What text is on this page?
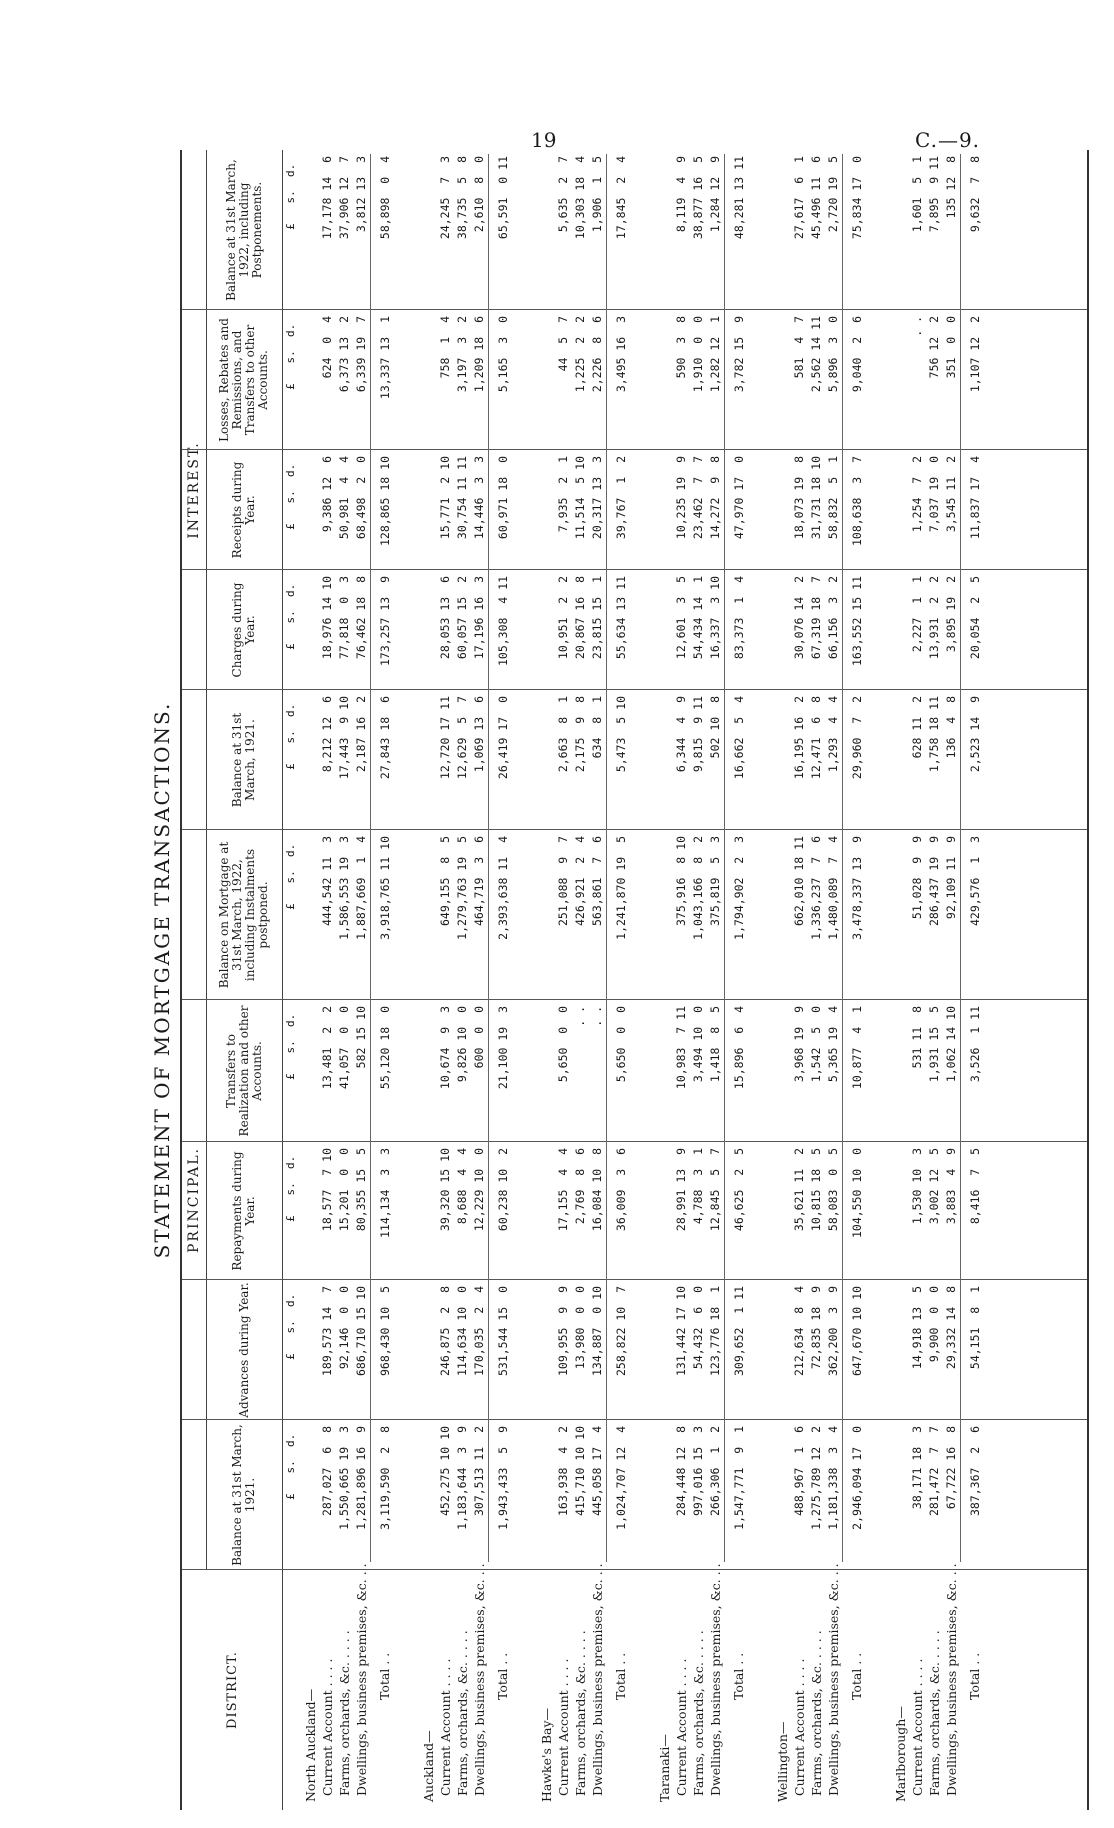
19	C.—9.
STATEMENT OF MORTGAGE TRANSACTIONS.
DISTRICT.
PRINCIPAL.
INTEREST.
Balance at 31st March, 1921.
Advances during Year.
Repayments during Year.
Transfers to Realization and other Accounts.
Balance on Mortgage at 31st March, 1922, including Instalments postponed.
Balance at 31st March, 1921.
Charges during Year.
Receipts during Year.
Losses, Rebates and Remissions, and Transfers to other Accounts.
Balance at 31st March, 1922, including Postponements.
£   s.  d.
£   s.  d.
£   s.  d.
£   s.  d.
£   s.  d.
£   s.  d.
£   s.  d.
£   s.  d.
£   s.  d.
£   s.  d.
North Auckland— Current Account . . . .
287,027  6  8
189,573 14  7
18,577  7 10
13,481  2  2
444,542 11  3
8,212 12  6
18,976 14 10
9,386 12  6
624  0  4
17,178 14  6
Farms, orchards, &c. . . . .
1,550,665 19  3
92,146  0  0
15,201  0  0
41,057  0  0
1,586,553 19  3
17,443  9 10
77,818  0  3
50,981  4  4
6,373 13  2
37,906 12  7
Dwellings, business premises, &c. . .
1,281,896 16  9
686,710 15 10
80,355 15  5
582 15 10
1,887,669  1  4
2,187 16  2
76,462 18  8
68,498  2  0
6,339 19  7
3,812 13  3
Total . .
3,119,590  2  8
968,430 10  5
114,134  3  3
55,120 18  0
3,918,765 11 10
27,843 18  6
173,257 13  9
128,865 18 10
13,337 13  1
58,898  0  4
Auckland— Current Account . . . .
452,275 10 10
246,875  2  8
39,320 15 10
10,674  9  3
649,155  8  5
12,720 17 11
28,053 13  6
15,771  2 10
758  1  4
24,245  7  3
Farms, orchards, &c. . . . .
1,183,644  3  9
114,634 10  0
8,688  4  4
9,826 10  0
1,279,763 19  5
12,629  5  7
60,057 15  2
30,754 11 11
3,197  3  2
38,735  5  8
Dwellings, business premises, &c. . .
307,513 11  2
170,035  2  4
12,229 10  0
600  0  0
464,719  3  6
1,069 13  6
17,196 16  3
14,446  3  3
1,209 18  6
2,610  8  0
Total . .
1,943,433  5  9
531,544 15  0
60,238 10  2
21,100 19  3
2,393,638 11  4
26,419 17  0
105,308  4 11
60,971 18  0
5,165  3  0
65,591  0 11
Hawke's Bay— Current Account . . . .
163,938  4  2
109,955  9  9
17,155  4  4
5,650  0  0
251,088  9  7
2,663  8  1
10,951  2  2
7,935  2  1
44  5  7
5,635  2  7
Farms, orchards, &c. . . . .
415,710 10 10
13,980  0  0
2,769  8  6
. .
426,921  2  4
2,175  9  8
20,867 16  8
11,514  5 10
1,225  2  2
10,303 18  4
Dwellings, business premises, &c. . .
445,058 17  4
134,887  0 10
16,084 10  8
. .
563,861  7  6
634  8  1
23,815 15  1
20,317 13  3
2,226  8  6
1,906  1  5
Total . .
1,024,707 12  4
258,822 10  7
36,009  3  6
5,650  0  0
1,241,870 19  5
5,473  5 10
55,634 13 11
39,767  1  2
3,495 16  3
17,845  2  4
Taranaki— Current Account . . . .
284,448 12  8
131,442 17 10
28,991 13  9
10,983  7 11
375,916  8 10
6,344  4  9
12,601  3  5
10,235 19  9
590  3  8
8,119  4  9
Farms, orchards, &c. . . . .
997,016 15  3
54,432  6  0
4,788  3  1
3,494 10  0
1,043,166  8  2
9,815  9 11
54,434 14  1
23,462  7  7
1,910  0  0
38,877 16  5
Dwellings, business premises, &c. . .
266,306  1  2
123,776 18  1
12,845  5  7
1,418  8  5
375,819  5  3
502 10  8
16,337  3 10
14,272  9  8
1,282 12  1
1,284 12  9
Total . .
1,547,771  9  1
309,652  1 11
46,625  2  5
15,896  6  4
1,794,902  2  3
16,662  5  4
83,373  1  4
47,970 17  0
3,782 15  9
48,281 13 11
Wellington— Current Account . . . .
488,967  1  6
212,634  8  4
35,621 11  2
3,968 19  9
662,010 18 11
16,195 16  2
30,076 14  2
18,073 19  8
581  4  7
27,617  6  1
Farms, orchards, &c. . . . .
1,275,789 12  2
72,835 18  9
10,815 18  5
1,542  5  0
1,336,237  7  6
12,471  6  8
67,319 18  7
31,731 18 10
2,562 14 11
45,496 11  6
Dwellings, business premises, &c. . .
1,181,338  3  4
362,200  3  9
58,083  0  5
5,365 19  4
1,480,089  7  4
1,293  4  4
66,156  3  2
58,832  5  1
5,896  3  0
2,720 19  5
Total . .
2,946,094 17  0
647,670 10 10
104,550 10  0
10,877  4  1
3,478,337 13  9
29,960  7  2
163,552 15 11
108,638  3  7
9,040  2  6
75,834 17  0
Marlborough— Current Account . . . .
38,171 18  3
14,918 13  5
1,530 10  3
531 11  8
51,028  9  9
628 11  2
2,227  1  1
1,254  7  2
. .
1,601  5  1
Farms, orchards, &c. . . . .
281,472  7  7
9,900  0  0
3,002 12  5
1,931 15  5
286,437 19  9
1,758 18 11
13,931  2  2
7,037 19  0
756 12  2
7,895  9 11
Dwellings, business premises, &c. . .
67,722 16  8
29,332 14  8
3,883  4  9
1,062 14 10
92,109 11  9
136  4  8
3,895 19  2
3,545 11  2
351  0  0
135 12  8
Total . .
387,367  2  6
54,151  8  1
8,416  7  5
3,526  1 11
429,576  1  3
2,523 14  9
20,054  2  5
11,837 17  4
1,107 12  2
9,632  7  8
